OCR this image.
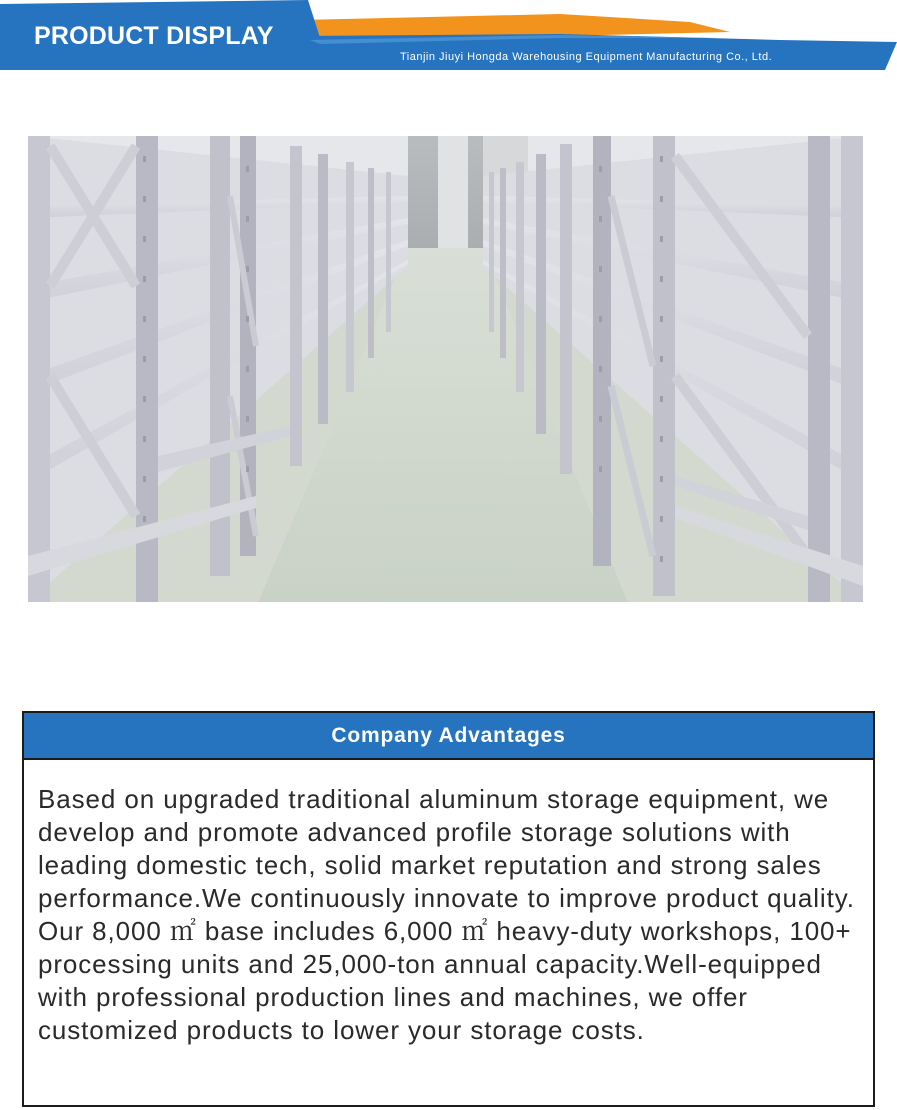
PRODUCT DISPLAY
Tianjin Jiuyi Hongda Warehousing Equipment Manufacturing Co., Ltd.
Company Advantages
Based on upgraded traditional aluminum storage equipment, we develop and promote advanced profile storage solutions with leading domestic tech, solid market reputation and strong sales performance.We continuously innovate to improve product quality. Our 8,000 ㎡ base includes 6,000 ㎡ heavy-duty workshops, 100+ processing units and 25,000-ton annual capacity.Well-equipped with professional production lines and machines, we offer customized products to lower your storage costs.
